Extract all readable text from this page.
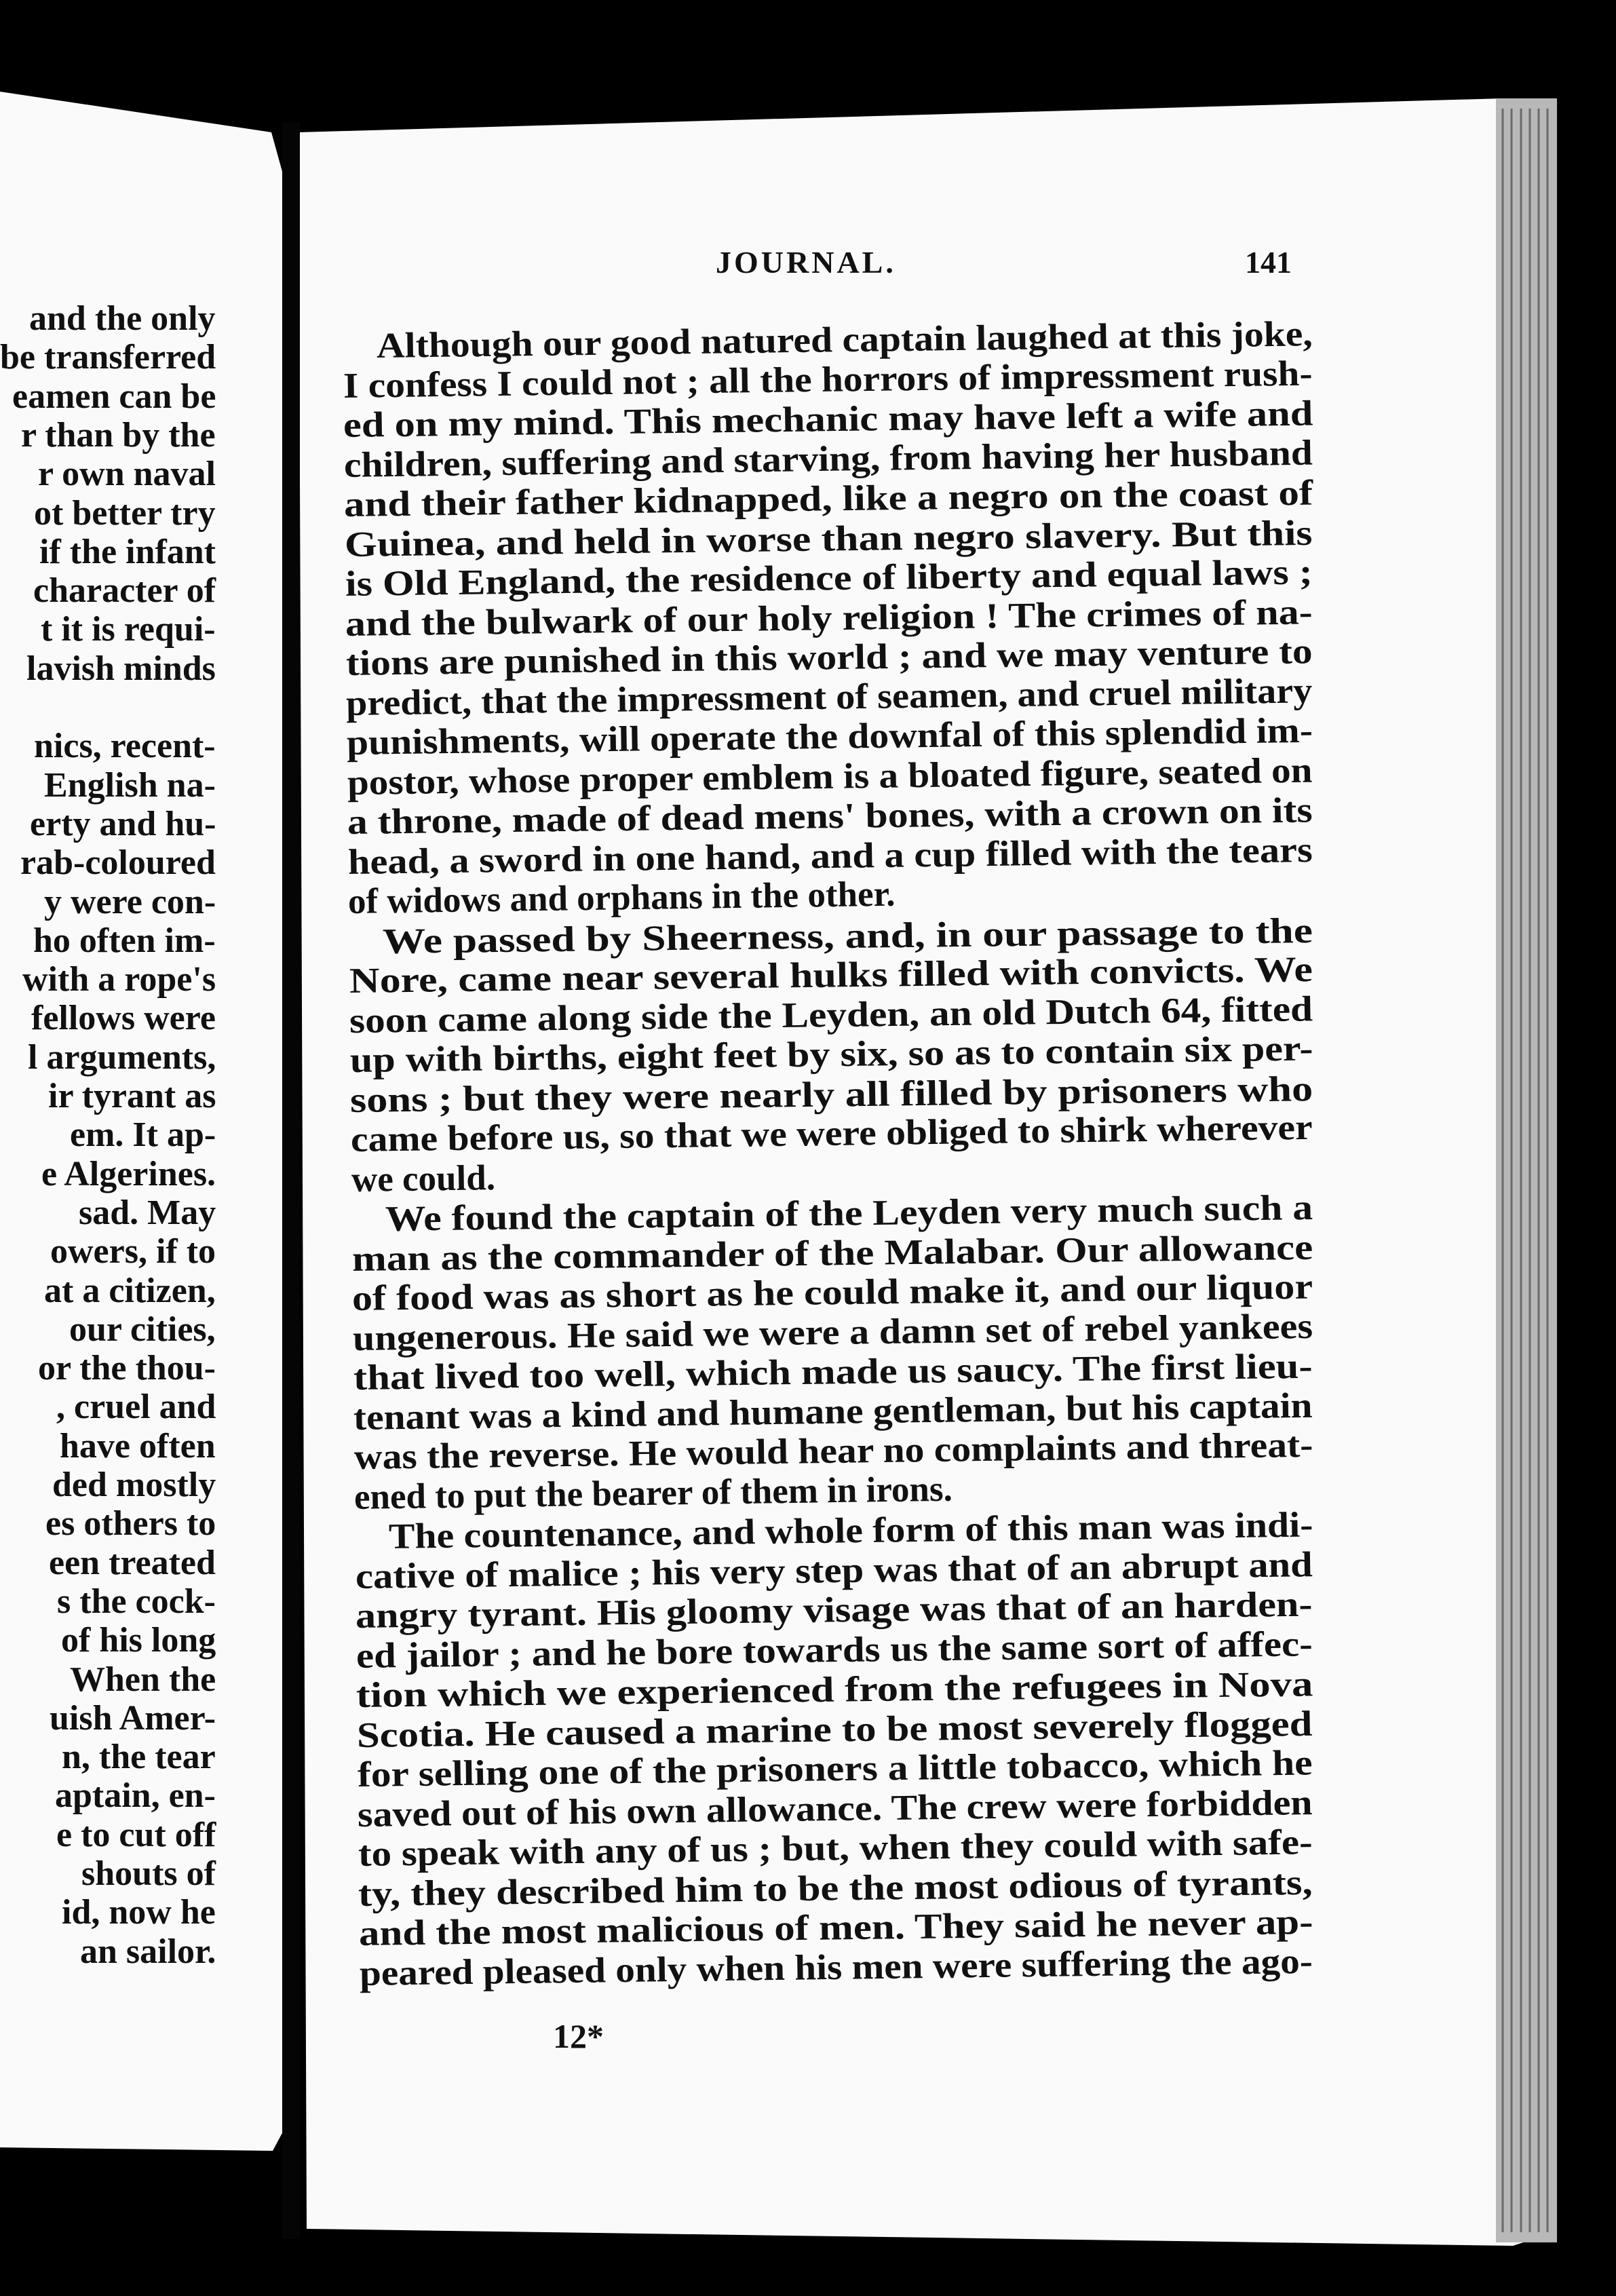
and the only
be transferred
eamen can be
r than by the
r own naval
ot better try
if the infant
character of
t it is requi-
lavish minds
nics, recent-
English na-
erty and hu-
rab-coloured
y were con-
ho often im-
with a rope's
fellows were
l arguments,
ir tyrant as
em. It ap-
e Algerines.
sad. May
owers, if to
at a citizen,
our cities,
or the thou-
, cruel and
have often
ded mostly
es others to
een treated
s the cock-
of his long
When the
uish Amer-
n, the tear
aptain, en-
e to cut off
shouts of
id, now he
an sailor.
JOURNAL.	141
Although our good natured captain laughed at this joke,
I confess I could not ; all the horrors of impressment rush-
ed on my mind. This mechanic may have left a wife and
children, suffering and starving, from having her husband
and their father kidnapped, like a negro on the coast of
Guinea, and held in worse than negro slavery. But this
is Old England, the residence of liberty and equal laws ;
and the bulwark of our holy religion ! The crimes of na-
tions are punished in this world ; and we may venture to
predict, that the impressment of seamen, and cruel military
punishments, will operate the downfal of this splendid im-
postor, whose proper emblem is a bloated figure, seated on
a throne, made of dead mens' bones, with a crown on its
head, a sword in one hand, and a cup filled with the tears
of widows and orphans in the other.
We passed by Sheerness, and, in our passage to the
Nore, came near several hulks filled with convicts. We
soon came along side the Leyden, an old Dutch 64, fitted
up with births, eight feet by six, so as to contain six per-
sons ; but they were nearly all filled by prisoners who
came before us, so that we were obliged to shirk wherever
we could.
We found the captain of the Leyden very much such a
man as the commander of the Malabar. Our allowance
of food was as short as he could make it, and our liquor
ungenerous. He said we were a damn set of rebel yankees
that lived too well, which made us saucy. The first lieu-
tenant was a kind and humane gentleman, but his captain
was the reverse. He would hear no complaints and threat-
ened to put the bearer of them in irons.
The countenance, and whole form of this man was indi-
cative of malice ; his very step was that of an abrupt and
angry tyrant. His gloomy visage was that of an harden-
ed jailor ; and he bore towards us the same sort of affec-
tion which we experienced from the refugees in Nova
Scotia. He caused a marine to be most severely flogged
for selling one of the prisoners a little tobacco, which he
saved out of his own allowance. The crew were forbidden
to speak with any of us ; but, when they could with safe-
ty, they described him to be the most odious of tyrants,
and the most malicious of men. They said he never ap-
peared pleased only when his men were suffering the ago-
12*
